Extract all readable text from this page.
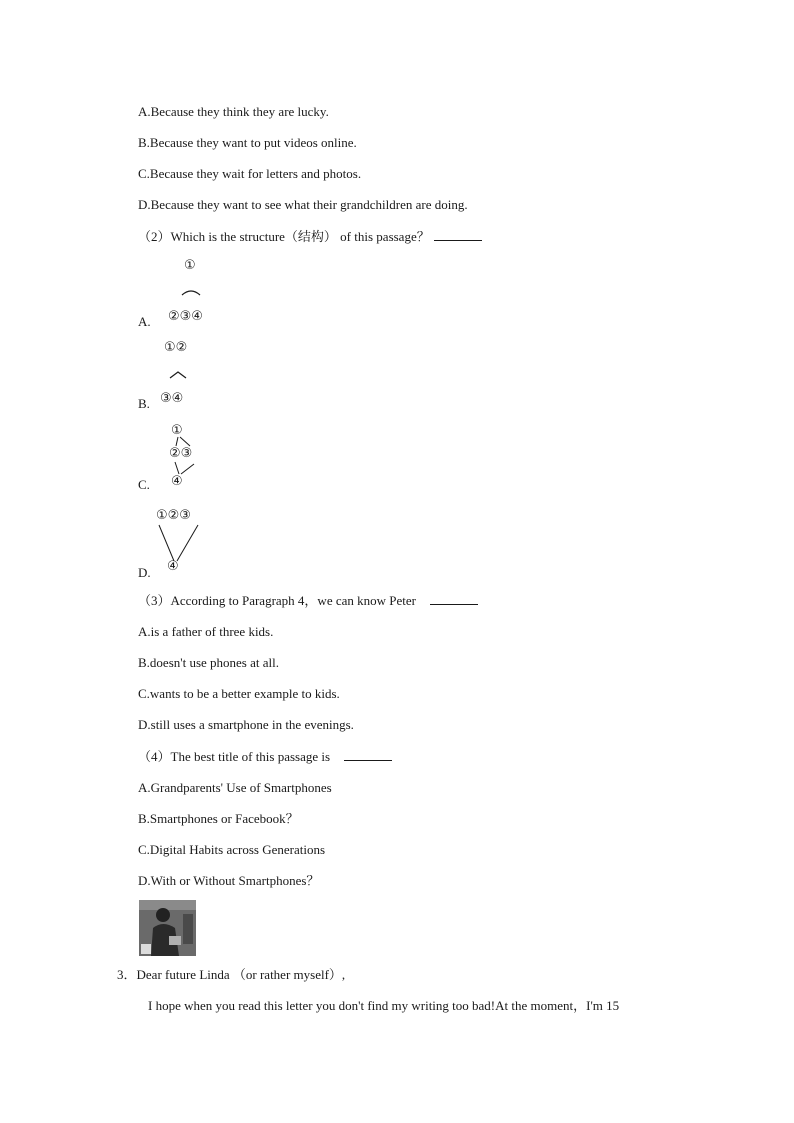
A.Because they think they are lucky.
B.Because they want to put videos online.
C.Because they wait for letters and photos.
D.Because they want to see what their grandchildren are doing.
（2）Which is the structure（结构） of this passage？
①
A. ②③④
①②
B. ③④
①
②③
C. ④
①②③
D. ④
（3）According to Paragraph 4，we can know Peter
A.is a father of three kids.
B.doesn't use phones at all.
C.wants to be a better example to kids.
D.still uses a smartphone in the evenings.
（4）The best title of this passage is
A.Grandparents' Use of Smartphones
B.Smartphones or Facebook？
C.Digital Habits across Generations
D.With or Without Smartphones？
3．Dear future Linda （or rather myself）,
I hope when you read this letter you don't find my writing too bad!At the moment，I'm 15
